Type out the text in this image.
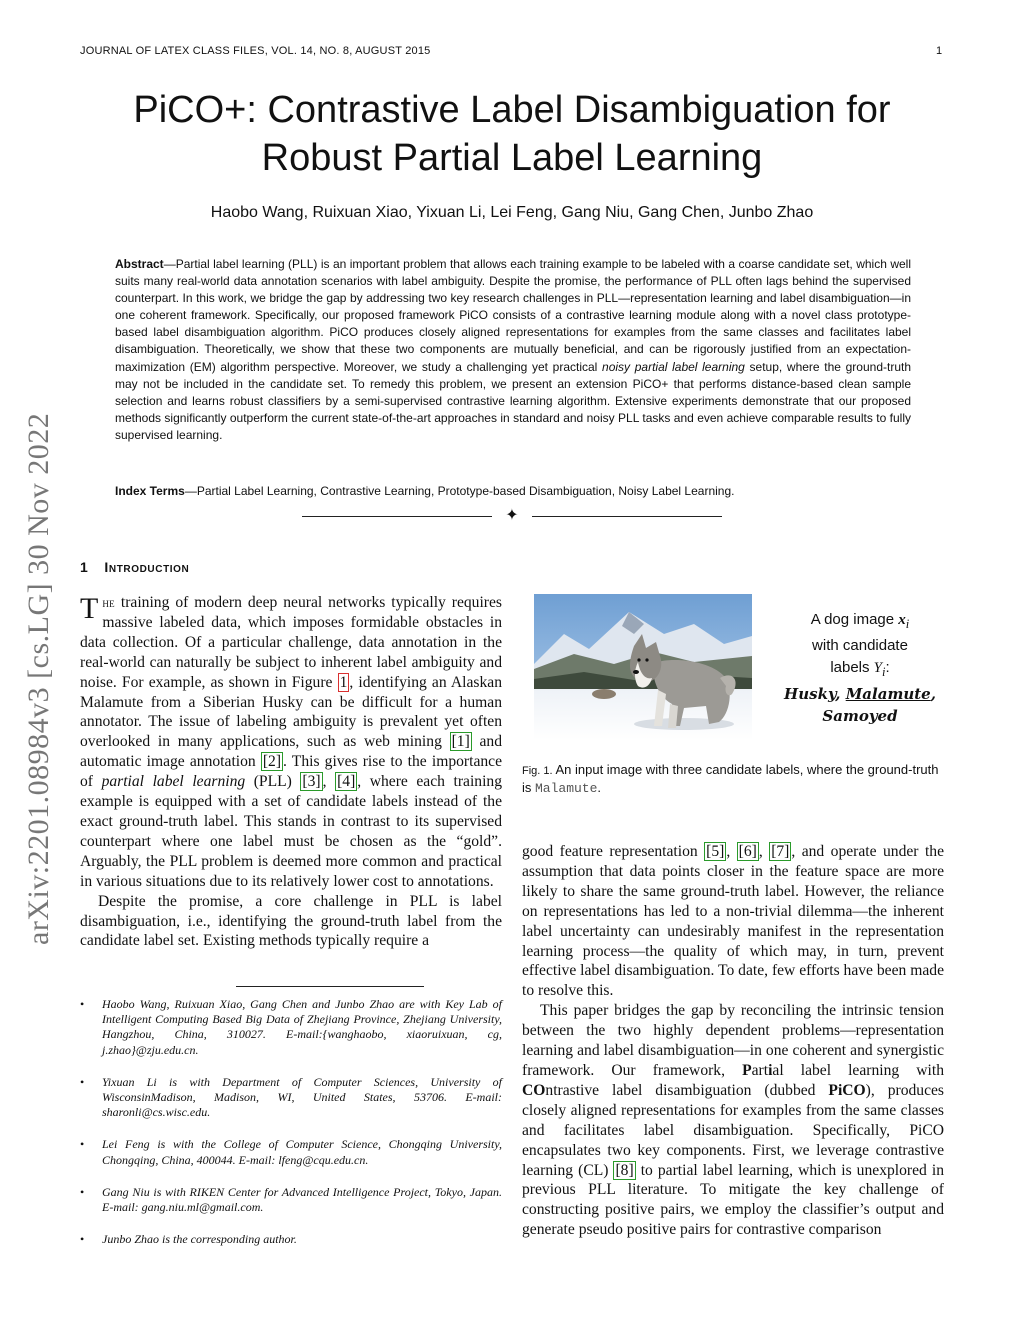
JOURNAL OF LATEX CLASS FILES, VOL. 14, NO. 8, AUGUST 2015	1
PiCO+: Contrastive Label Disambiguation for
Robust Partial Label Learning
Haobo Wang, Ruixuan Xiao, Yixuan Li, Lei Feng, Gang Niu, Gang Chen, Junbo Zhao
Abstract—Partial label learning (PLL) is an important problem that allows each training example to be labeled with a coarse candidate set, which well suits many real-world data annotation scenarios with label ambiguity. Despite the promise, the performance of PLL often lags behind the supervised counterpart. In this work, we bridge the gap by addressing two key research challenges in PLL—representation learning and label disambiguation—in one coherent framework. Specifically, our proposed framework PiCO consists of a contrastive learning module along with a novel class prototype-based label disambiguation algorithm. PiCO produces closely aligned representations for examples from the same classes and facilitates label disambiguation. Theoretically, we show that these two components are mutually beneficial, and can be rigorously justified from an expectation-maximization (EM) algorithm perspective. Moreover, we study a challenging yet practical noisy partial label learning setup, where the ground-truth may not be included in the candidate set. To remedy this problem, we present an extension PiCO+ that performs distance-based clean sample selection and learns robust classifiers by a semi-supervised contrastive learning algorithm. Extensive experiments demonstrate that our proposed methods significantly outperform the current state-of-the-art approaches in standard and noisy PLL tasks and even achieve comparable results to fully supervised learning.
Index Terms—Partial Label Learning, Contrastive Learning, Prototype-based Disambiguation, Noisy Label Learning.
✦
arXiv:2201.08984v3 [cs.LG] 30 Nov 2022 1 Introduction

The training of modern deep neural networks typically requires massive labeled data, which imposes formidable obstacles in data collection. Of a particular challenge, data annotation in the real-world can naturally be subject to inherent label ambiguity and noise. For example, as shown in Figure 1 , identifying an Alaskan Malamute from a Siberian Husky can be difficult for a human annotator. The issue of labeling ambiguity is prevalent yet often overlooked in many applications, such as web mining [1] and automatic image annotation [2] . This gives rise to the importance of partial label learning (PLL) [3] , [4] , where each training example is equipped with a set of candidate labels instead of the exact ground-truth label. This stands in contrast to its supervised counterpart where one label must be chosen as the “gold”. Arguably, the PLL problem is deemed more common and practical in various situations due to its relatively lower cost to annotations.

Despite the promise, a core challenge in PLL is label disambiguation, i.e., identifying the ground-truth label from the candidate label set. Existing methods typically require a

• Haobo Wang, Ruixuan Xiao, Gang Chen and Junbo Zhao are with Key Lab of Intelligent Computing Based Big Data of Zhejiang Province, Zhejiang University, Hangzhou, China, 310027. E-mail:{wanghaobo, xiaoruixuan, cg, j.zhao}@zju.edu.cn.
• Yixuan Li is with Department of Computer Sciences, University of WisconsinMadison, Madison, WI, United States, 53706. E-mail: sharonli@cs.wisc.edu.
• Lei Feng is with the College of Computer Science, Chongqing University, Chongqing, China, 400044. E-mail: lfeng@cqu.edu.cn.
• Gang Niu is with RIKEN Center for Advanced Intelligence Project, Tokyo, Japan. E-mail: gang.niu.ml@gmail.com.
• Junbo Zhao is the corresponding author.
A dog image $x_i$
with candidate
labels $Y_i$:
Husky, Malamute,
Samoyed
Fig. 1. An input image with three candidate labels, where the ground-truth is Malamute.

good feature representation [5] , [6] , [7] , and operate under the assumption that data points closer in the feature space are more likely to share the same ground-truth label. However, the reliance on representations has led to a non-trivial dilemma—the inherent label uncertainty can undesirably manifest in the representation learning process—the quality of which may, in turn, prevent effective label disambiguation. To date, few efforts have been made to resolve this.

This paper bridges the gap by reconciling the intrinsic tension between the two highly dependent problems—representation learning and label disambiguation—in one coherent and synergistic framework. Our framework, Partial label learning with COntrastive label disambiguation (dubbed PiCO), produces closely aligned representations for examples from the same classes and facilitates label disambiguation. Specifically, PiCO encapsulates two key components. First, we leverage contrastive learning (CL) [8] to partial label learning, which is unexplored in previous PLL literature. To mitigate the key challenge of constructing positive pairs, we employ the classifier’s output and generate pseudo positive pairs for contrastive comparison
